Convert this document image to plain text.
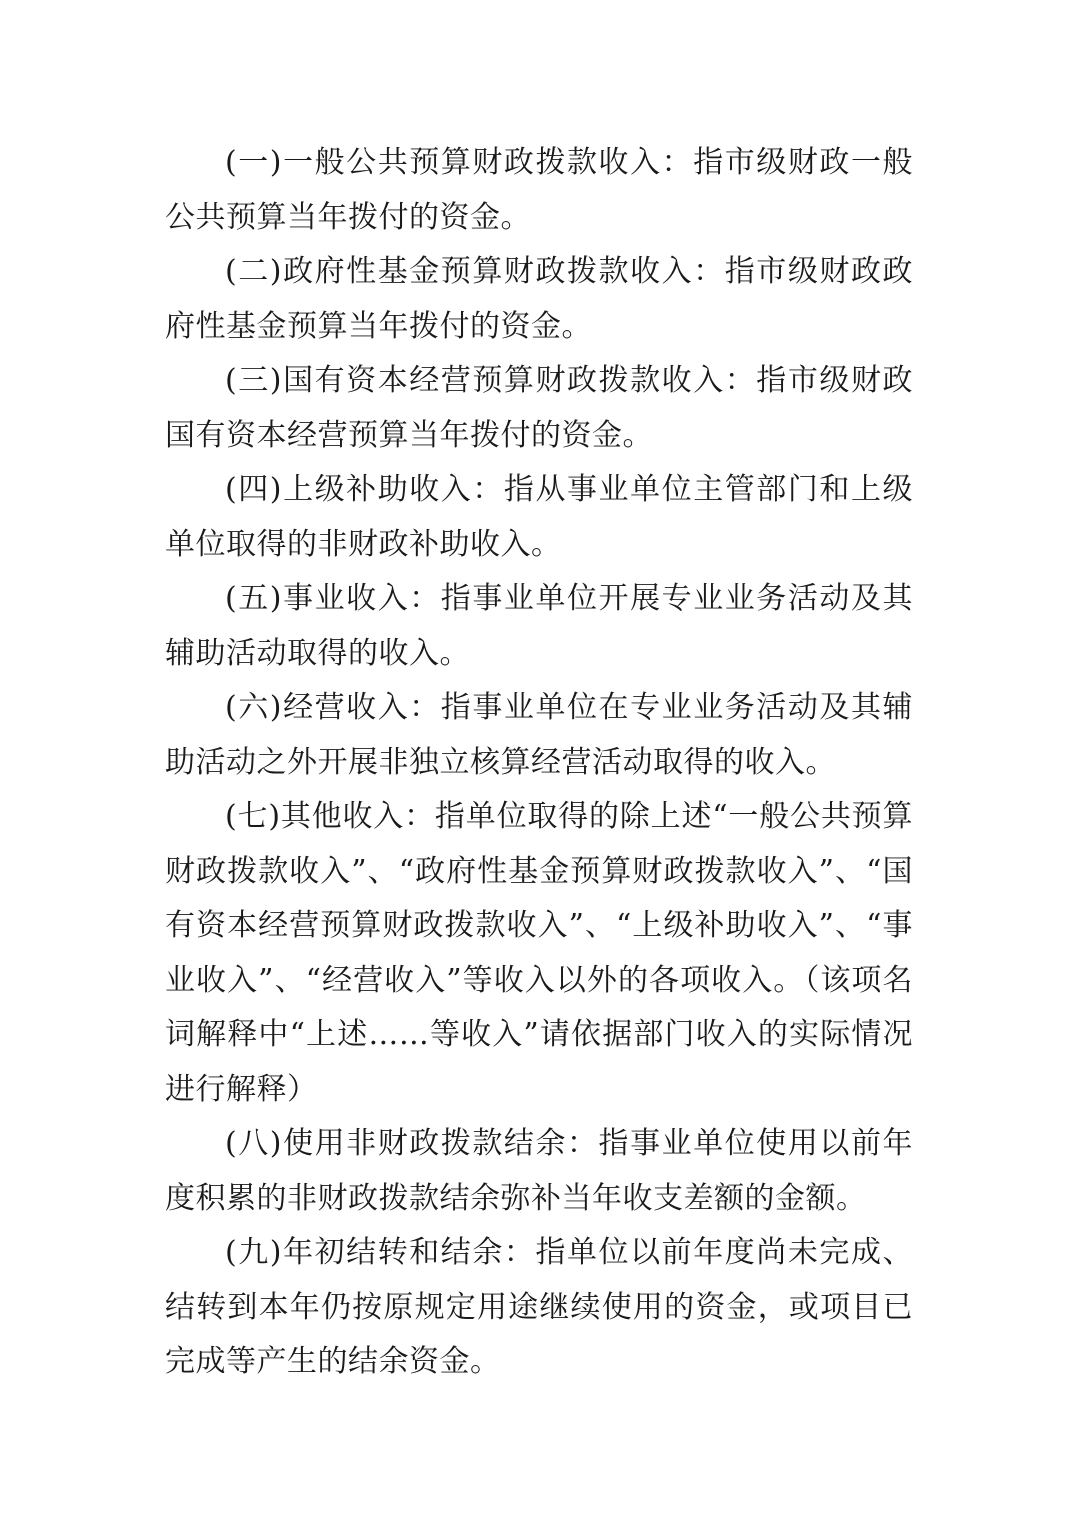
(一)一般公共预算财政拨款收入：指市级财政一般公共预算当年拨付的资金。

(二)政府性基金预算财政拨款收入：指市级财政政府性基金预算当年拨付的资金。

(三)国有资本经营预算财政拨款收入：指市级财政国有资本经营预算当年拨付的资金。

(四)上级补助收入：指从事业单位主管部门和上级单位取得的非财政补助收入。

(五)事业收入：指事业单位开展专业业务活动及其辅助活动取得的收入。

(六)经营收入：指事业单位在专业业务活动及其辅助活动之外开展非独立核算经营活动取得的收入。

(七)其他收入：指单位取得的除上述“一般公共预算财政拨款收入”、“政府性基金预算财政拨款收入”、“国有资本经营预算财政拨款收入”、“上级补助收入”、“事业收入”、“经营收入”等收入以外的各项收入。（该项名词解释中“上述……等收入”请依据部门收入的实际情况进行解释）

(八)使用非财政拨款结余：指事业单位使用以前年度积累的非财政拨款结余弥补当年收支差额的金额。

(九)年初结转和结余：指单位以前年度尚未完成、结转到本年仍按原规定用途继续使用的资金，或项目已完成等产生的结余资金。
